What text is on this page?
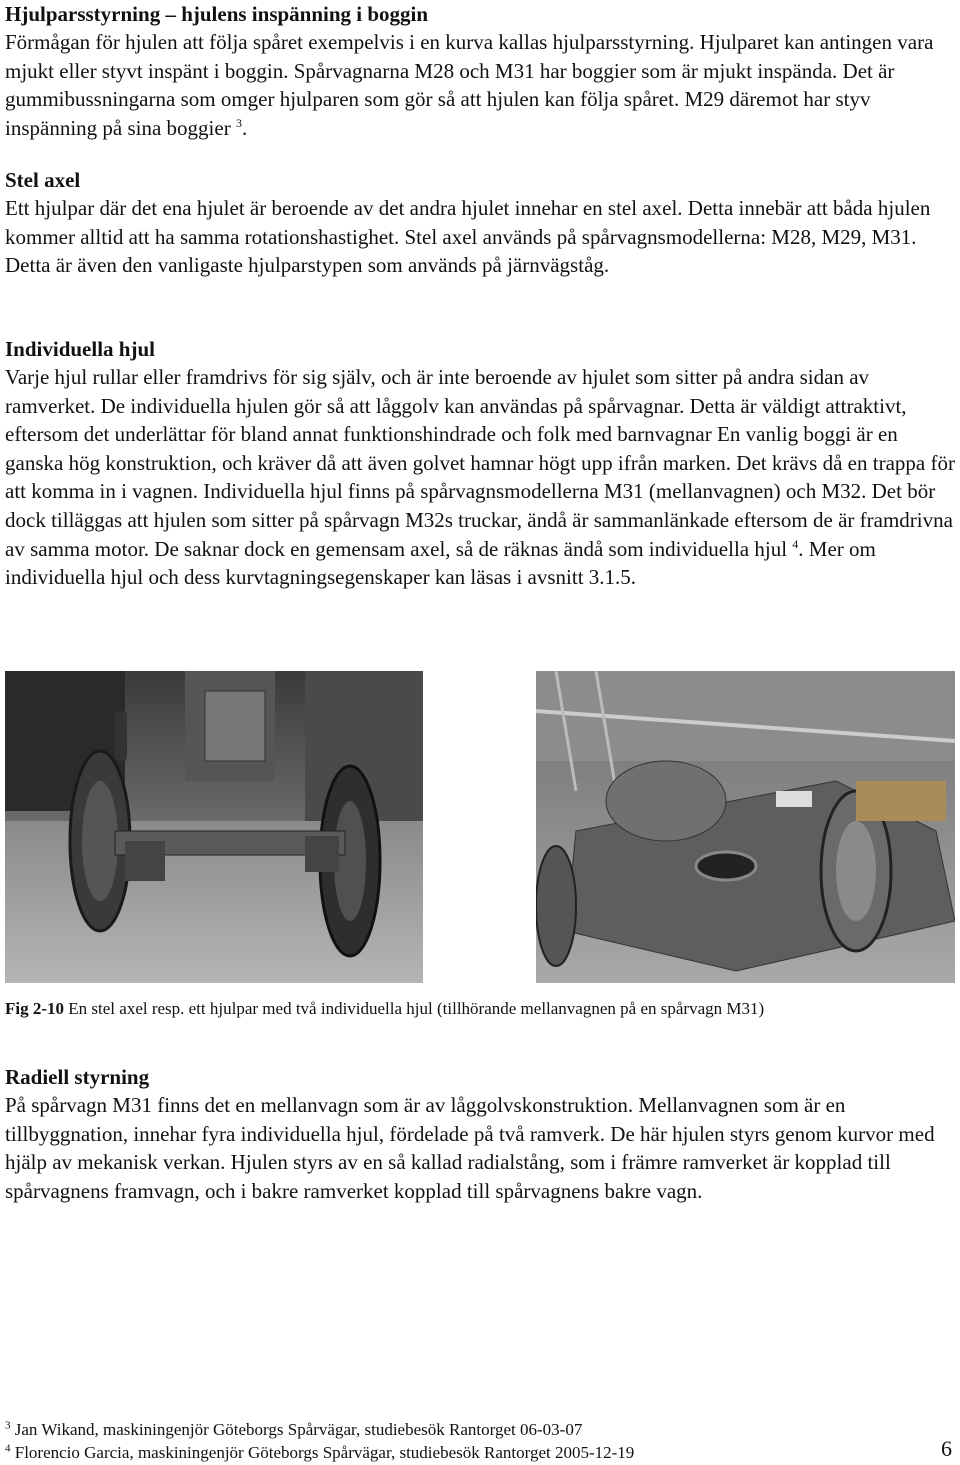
Hjulparsstyrning – hjulens inspänning i boggin

Förmågan för hjulen att följa spåret exempelvis i en kurva kallas hjulparsstyrning. Hjulparet kan antingen vara mjukt eller styvt inspänt i boggin. Spårvagnarna M28 och M31 har boggier som är mjukt inspända. Det är gummibussningarna som omger hjulparen som gör så att hjulen kan följa spåret. M29 däremot har styv inspänning på sina boggier $^3$.

Stel axel

Ett hjulpar där det ena hjulet är beroende av det andra hjulet innehar en stel axel. Detta innebär att båda hjulen kommer alltid att ha samma rotationshastighet. Stel axel används på spårvagnsmodellerna: M28, M29, M31. Detta är även den vanligaste hjulparstypen som används på järnvägståg.

Individuella hjul

Varje hjul rullar eller framdrivs för sig själv, och är inte beroende av hjulet som sitter på andra sidan av ramverket. De individuella hjulen gör så att låggolv kan användas på spårvagnar. Detta är väldigt attraktivt, eftersom det underlättar för bland annat funktionshindrade och folk med barnvagnar En vanlig boggi är en ganska hög konstruktion, och kräver då att även golvet hamnar högt upp ifrån marken. Det krävs då en trappa för att komma in i vagnen. Individuella hjul finns på spårvagnsmodellerna M31 (mellanvagnen) och M32. Det bör dock tilläggas att hjulen som sitter på spårvagn M32s truckar, ändå är sammanlänkade eftersom de är framdrivna av samma motor. De saknar dock en gemensam axel, så de räknas ändå som individuella hjul $^4$. Mer om individuella hjul och dess kurvtagningsegenskaper kan läsas i avsnitt 3.1.5.

Fig 2-10 En stel axel resp. ett hjulpar med två individuella hjul (tillhörande mellanvagnen på en spårvagn M31)
Radiell styrning

På spårvagn M31 finns det en mellanvagn som är av låggolvskonstruktion. Mellanvagnen som är en tillbyggnation, innehar fyra individuella hjul, fördelade på två ramverk. De här hjulen styrs genom kurvor med hjälp av mekanisk verkan. Hjulen styrs av en så kallad radialstång, som i främre ramverket är kopplad till spårvagnens framvagn, och i bakre ramverket kopplad till spårvagnens bakre vagn.

$^3$ Jan Wikand, maskiningenjör Göteborgs Spårvägar, studiebesök Rantorget 06-03-07
$^4$ Florencio Garcia, maskiningenjör Göteborgs Spårvägar, studiebesök Rantorget 2005-12-19	6
